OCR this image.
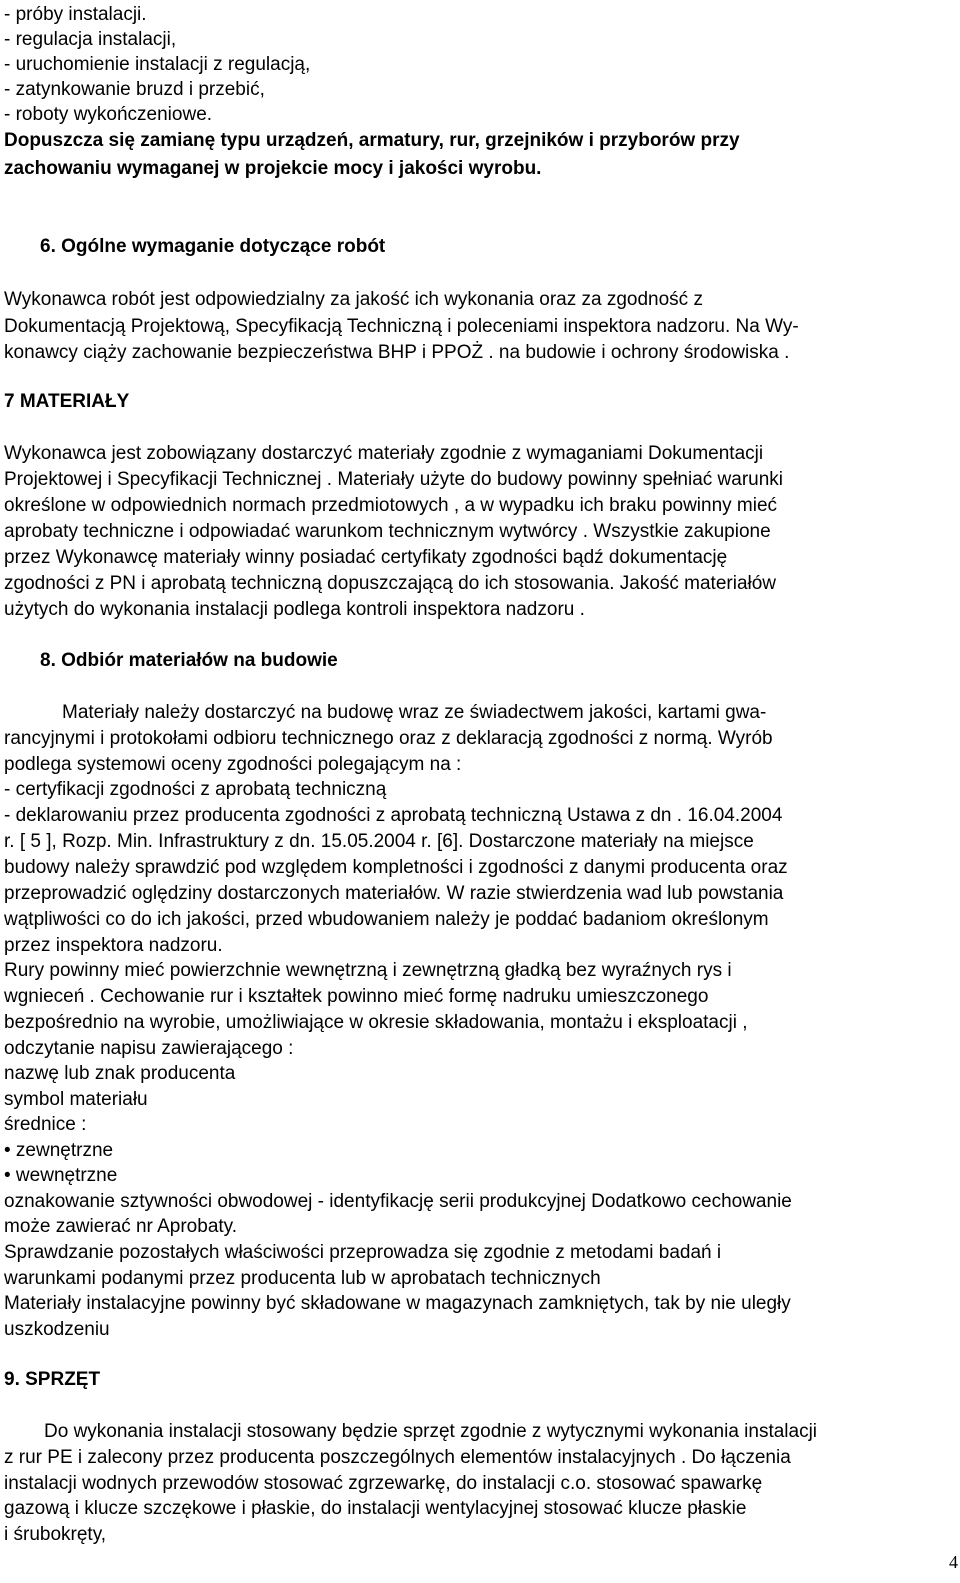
- próby instalacji.

- regulacja instalacji,

- uruchomienie instalacji z regulacją,

- zatynkowanie bruzd i przebić,

- roboty wykończeniowe.

Dopuszcza się zamianę typu urządzeń, armatury, rur, grzejników i przyborów przy

zachowaniu wymaganej w projekcie mocy i jakości wyrobu.

6. Ogólne wymaganie dotyczące robót

Wykonawca robót jest odpowiedzialny za jakość ich wykonania oraz za zgodność z

Dokumentacją Projektową, Specyfikacją Techniczną i poleceniami inspektora nadzoru. Na Wy-

konawcy ciąży zachowanie bezpieczeństwa BHP i PPOŻ . na budowie i ochrony środowiska .

7 MATERIAŁY

Wykonawca jest zobowiązany dostarczyć materiały zgodnie z wymaganiami Dokumentacji

Projektowej i Specyfikacji Technicznej . Materiały użyte do budowy powinny spełniać warunki

określone w odpowiednich normach przedmiotowych , a w wypadku ich braku powinny mieć

aprobaty techniczne i odpowiadać warunkom technicznym wytwórcy . Wszystkie zakupione

przez Wykonawcę materiały winny posiadać certyfikaty zgodności bądź dokumentację

zgodności z PN i aprobatą techniczną dopuszczającą do ich stosowania. Jakość materiałów

użytych do wykonania instalacji podlega kontroli inspektora nadzoru .

8. Odbiór materiałów na budowie

Materiały należy dostarczyć na budowę wraz ze świadectwem jakości, kartami gwa-

rancyjnymi i protokołami odbioru technicznego oraz z deklaracją zgodności z normą. Wyrób

podlega systemowi oceny zgodności polegającym na :

- certyfikacji zgodności z aprobatą techniczną

- deklarowaniu przez producenta zgodności z aprobatą techniczną Ustawa z dn . 16.04.2004

r. [ 5 ], Rozp. Min. Infrastruktury z dn. 15.05.2004 r. [6]. Dostarczone materiały na miejsce

budowy należy sprawdzić pod względem kompletności i zgodności z danymi producenta oraz

przeprowadzić oględziny dostarczonych materiałów. W razie stwierdzenia wad lub powstania

wątpliwości co do ich jakości, przed wbudowaniem należy je poddać badaniom określonym

przez inspektora nadzoru.

Rury powinny mieć powierzchnie wewnętrzną i zewnętrzną gładką bez wyraźnych rys i

wgnieceń . Cechowanie rur i kształtek powinno mieć formę nadruku umieszczonego

bezpośrednio na wyrobie, umożliwiające w okresie składowania, montażu i eksploatacji ,

odczytanie napisu zawierającego :

nazwę lub znak producenta

symbol materiału

średnice :

• zewnętrzne

• wewnętrzne

oznakowanie sztywności obwodowej - identyfikację serii produkcyjnej Dodatkowo cechowanie

może zawierać nr Aprobaty.

Sprawdzanie pozostałych właściwości przeprowadza się zgodnie z metodami badań i

warunkami podanymi przez producenta lub w aprobatach technicznych

Materiały instalacyjne powinny być składowane w magazynach zamkniętych, tak by nie uległy

uszkodzeniu

9. SPRZĘT

Do wykonania instalacji stosowany będzie sprzęt zgodnie z wytycznymi wykonania instalacji

z rur PE i zalecony przez producenta poszczególnych elementów instalacyjnych . Do łączenia

instalacji wodnych przewodów stosować zgrzewarkę, do instalacji c.o. stosować spawarkę

gazową i klucze szczękowe i płaskie, do instalacji wentylacyjnej stosować klucze płaskie

i śrubokręty,

4
